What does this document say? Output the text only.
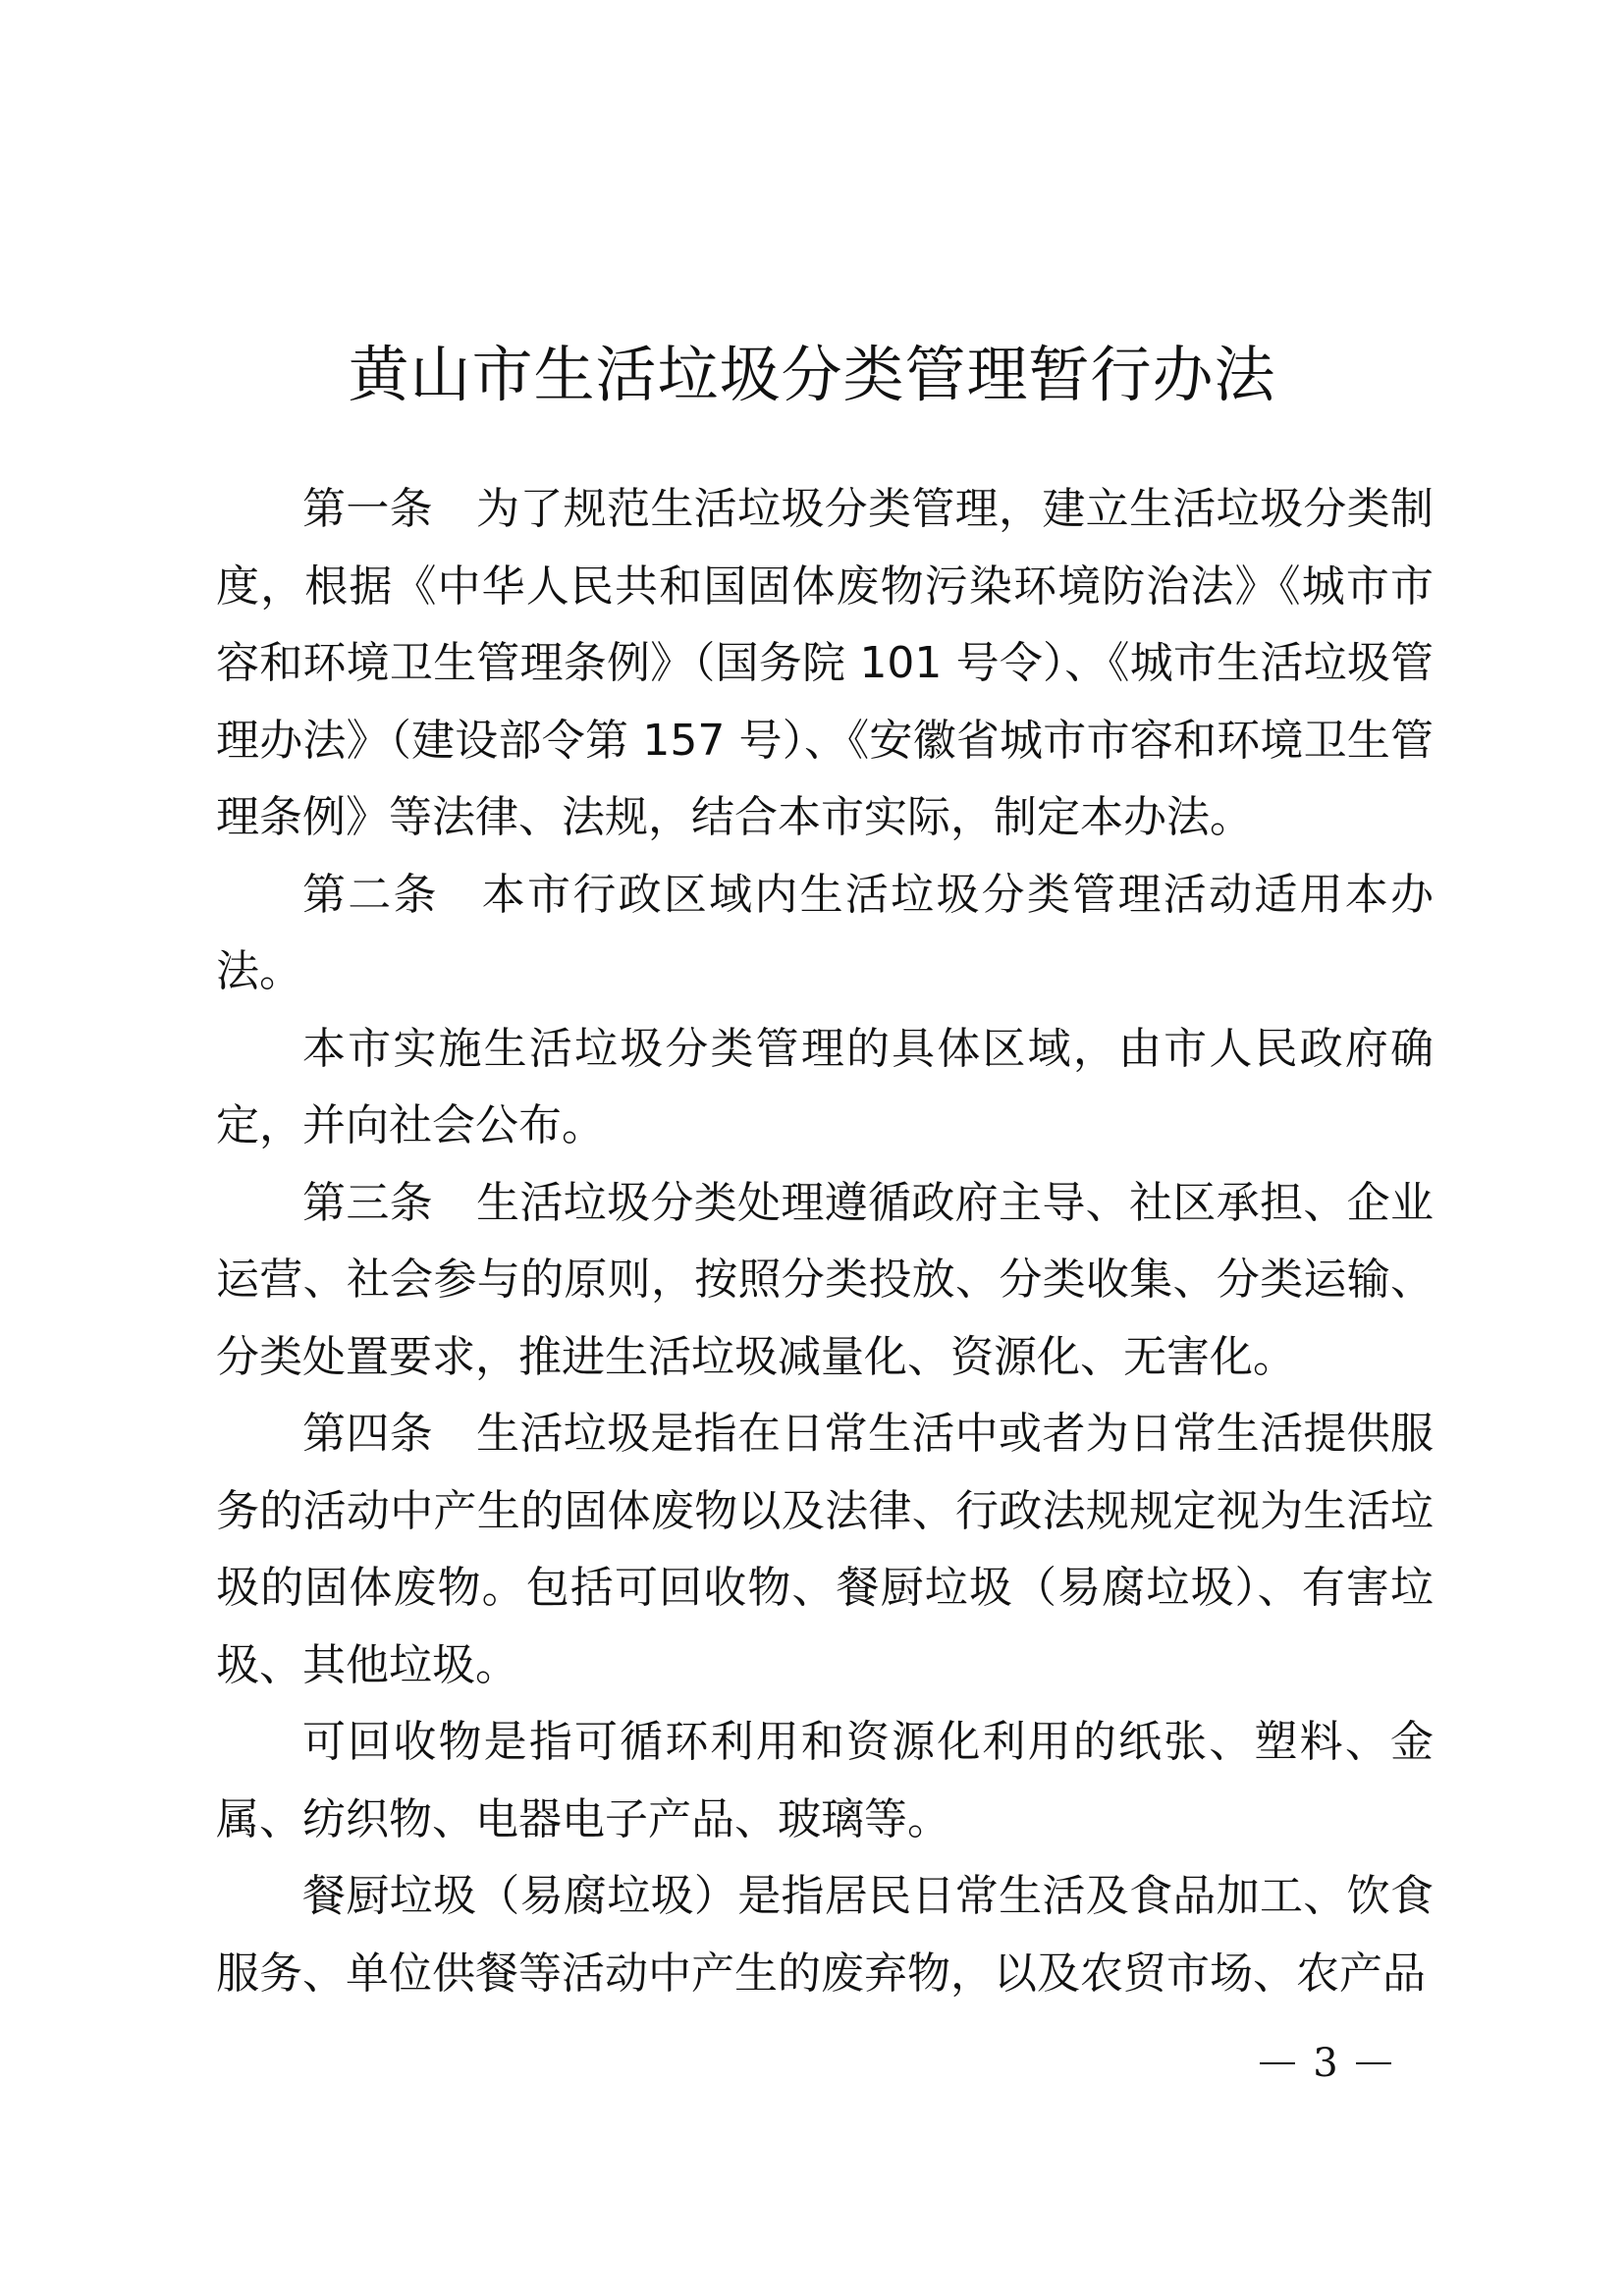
黄山市生活垃圾分类管理暂行办法

第一条 为了规范生活垃圾分类管理，建立生活垃圾分类制度，根据《中华人民共和国固体废物污染环境防治法》《城市市容和环境卫生管理条例》（国务院 101 号令）、《城市生活垃圾管理办法》（建设部令第 157 号）、《安徽省城市市容和环境卫生管理条例》等法律、法规，结合本市实际，制定本办法。

第二条 本市行政区域内生活垃圾分类管理活动适用本办法。

本市实施生活垃圾分类管理的具体区域，由市人民政府确定，并向社会公布。

第三条 生活垃圾分类处理遵循政府主导、社区承担、企业运营、社会参与的原则，按照分类投放、分类收集、分类运输、分类处置要求，推进生活垃圾减量化、资源化、无害化。

第四条 生活垃圾是指在日常生活中或者为日常生活提供服务的活动中产生的固体废物以及法律、行政法规规定视为生活垃圾的固体废物。包括可回收物、餐厨垃圾（易腐垃圾）、有害垃圾、其他垃圾。

可回收物是指可循环利用和资源化利用的纸张、塑料、金属、纺织物、电器电子产品、玻璃等。

餐厨垃圾（易腐垃圾）是指居民日常生活及食品加工、饮食服务、单位供餐等活动中产生的废弃物，以及农贸市场、农产品

3
